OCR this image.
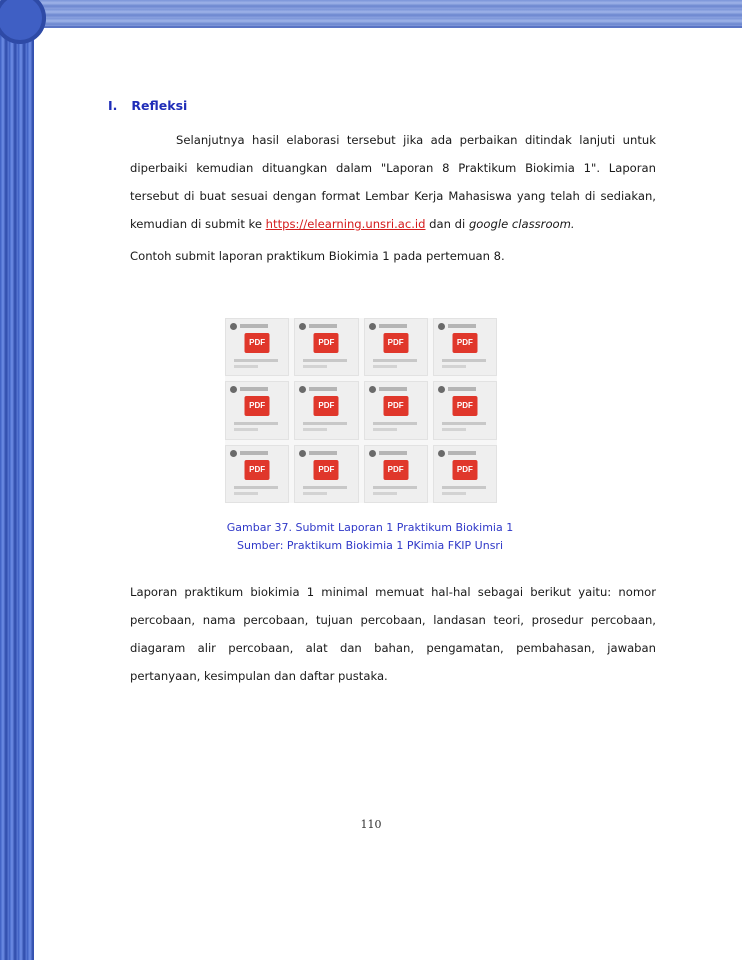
I. Refleksi
Selanjutnya hasil elaborasi tersebut jika ada perbaikan ditindak lanjuti untuk diperbaiki kemudian dituangkan dalam "Laporan 8 Praktikum Biokimia 1". Laporan tersebut di buat sesuai dengan format Lembar Kerja Mahasiswa yang telah di sediakan, kemudian di submit ke https://elearning.unsri.ac.id dan di google classroom.
Contoh submit laporan praktikum Biokimia 1 pada pertemuan 8.
PDF	PDF	PDF	PDF
PDF	PDF	PDF	PDF
PDF	PDF	PDF	PDF
Gambar 37. Submit Laporan 1 Praktikum Biokimia 1
Sumber: Praktikum Biokimia 1 PKimia FKIP Unsri
Laporan praktikum biokimia 1 minimal memuat hal-hal sebagai berikut yaitu: nomor percobaan, nama percobaan, tujuan percobaan, landasan teori, prosedur percobaan, diagaram alir percobaan, alat dan bahan, pengamatan, pembahasan, jawaban pertanyaan, kesimpulan dan daftar pustaka.
110
